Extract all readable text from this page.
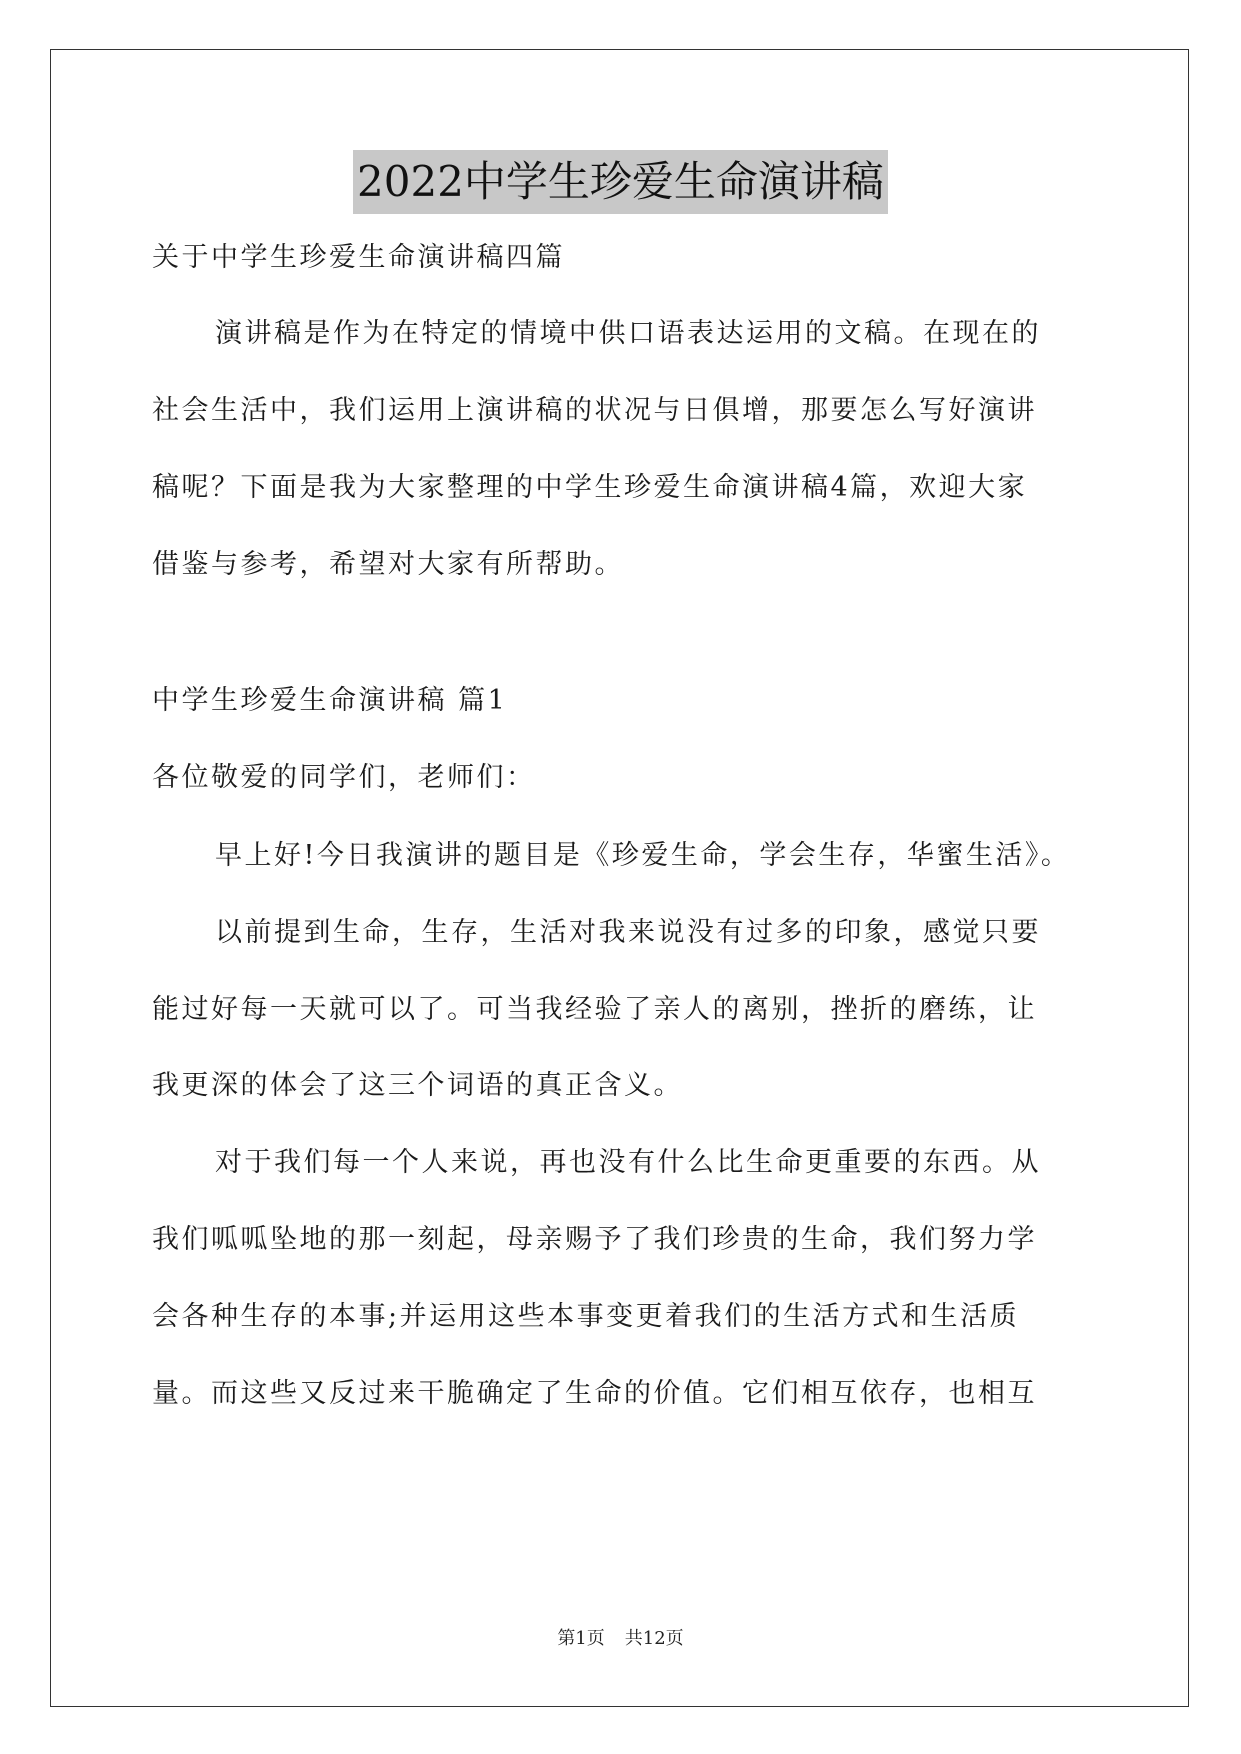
2022中学生珍爱生命演讲稿
关于中学生珍爱生命演讲稿四篇
演讲稿是作为在特定的情境中供口语表达运用的文稿。在现在的
社会生活中，我们运用上演讲稿的状况与日俱增，那要怎么写好演讲
稿呢？下面是我为大家整理的中学生珍爱生命演讲稿4篇，欢迎大家
借鉴与参考，希望对大家有所帮助。
中学生珍爱生命演讲稿 篇1
各位敬爱的同学们，老师们：
早上好!今日我演讲的题目是《珍爱生命，学会生存，华蜜生活》。
以前提到生命，生存，生活对我来说没有过多的印象，感觉只要
能过好每一天就可以了。可当我经验了亲人的离别，挫折的磨练，让
我更深的体会了这三个词语的真正含义。
对于我们每一个人来说，再也没有什么比生命更重要的东西。从
我们呱呱坠地的那一刻起，母亲赐予了我们珍贵的生命，我们努力学
会各种生存的本事;并运用这些本事变更着我们的生活方式和生活质
量。而这些又反过来干脆确定了生命的价值。它们相互依存，也相互
第1页 共12页
